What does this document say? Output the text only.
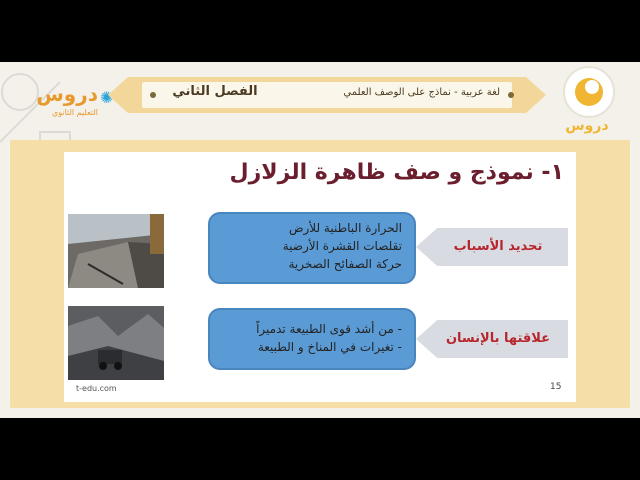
✺
دروس
التعليم الثانوي
الفصل الثاني	لغة عربية - نماذج على الوصف العلمي
دروس
١- نموذج و صف ظاهرة الزلازل
الحرارة الباطنية للأرض
تقلصات القشرة الأرضية
حركة الصفائح الصخرية
تحديد الأسباب
- من أشد قوى الطبيعة تدميراً
- تغيرات في المناخ و الطبيعة
علاقتها بالإنسان
t-edu.com	15
